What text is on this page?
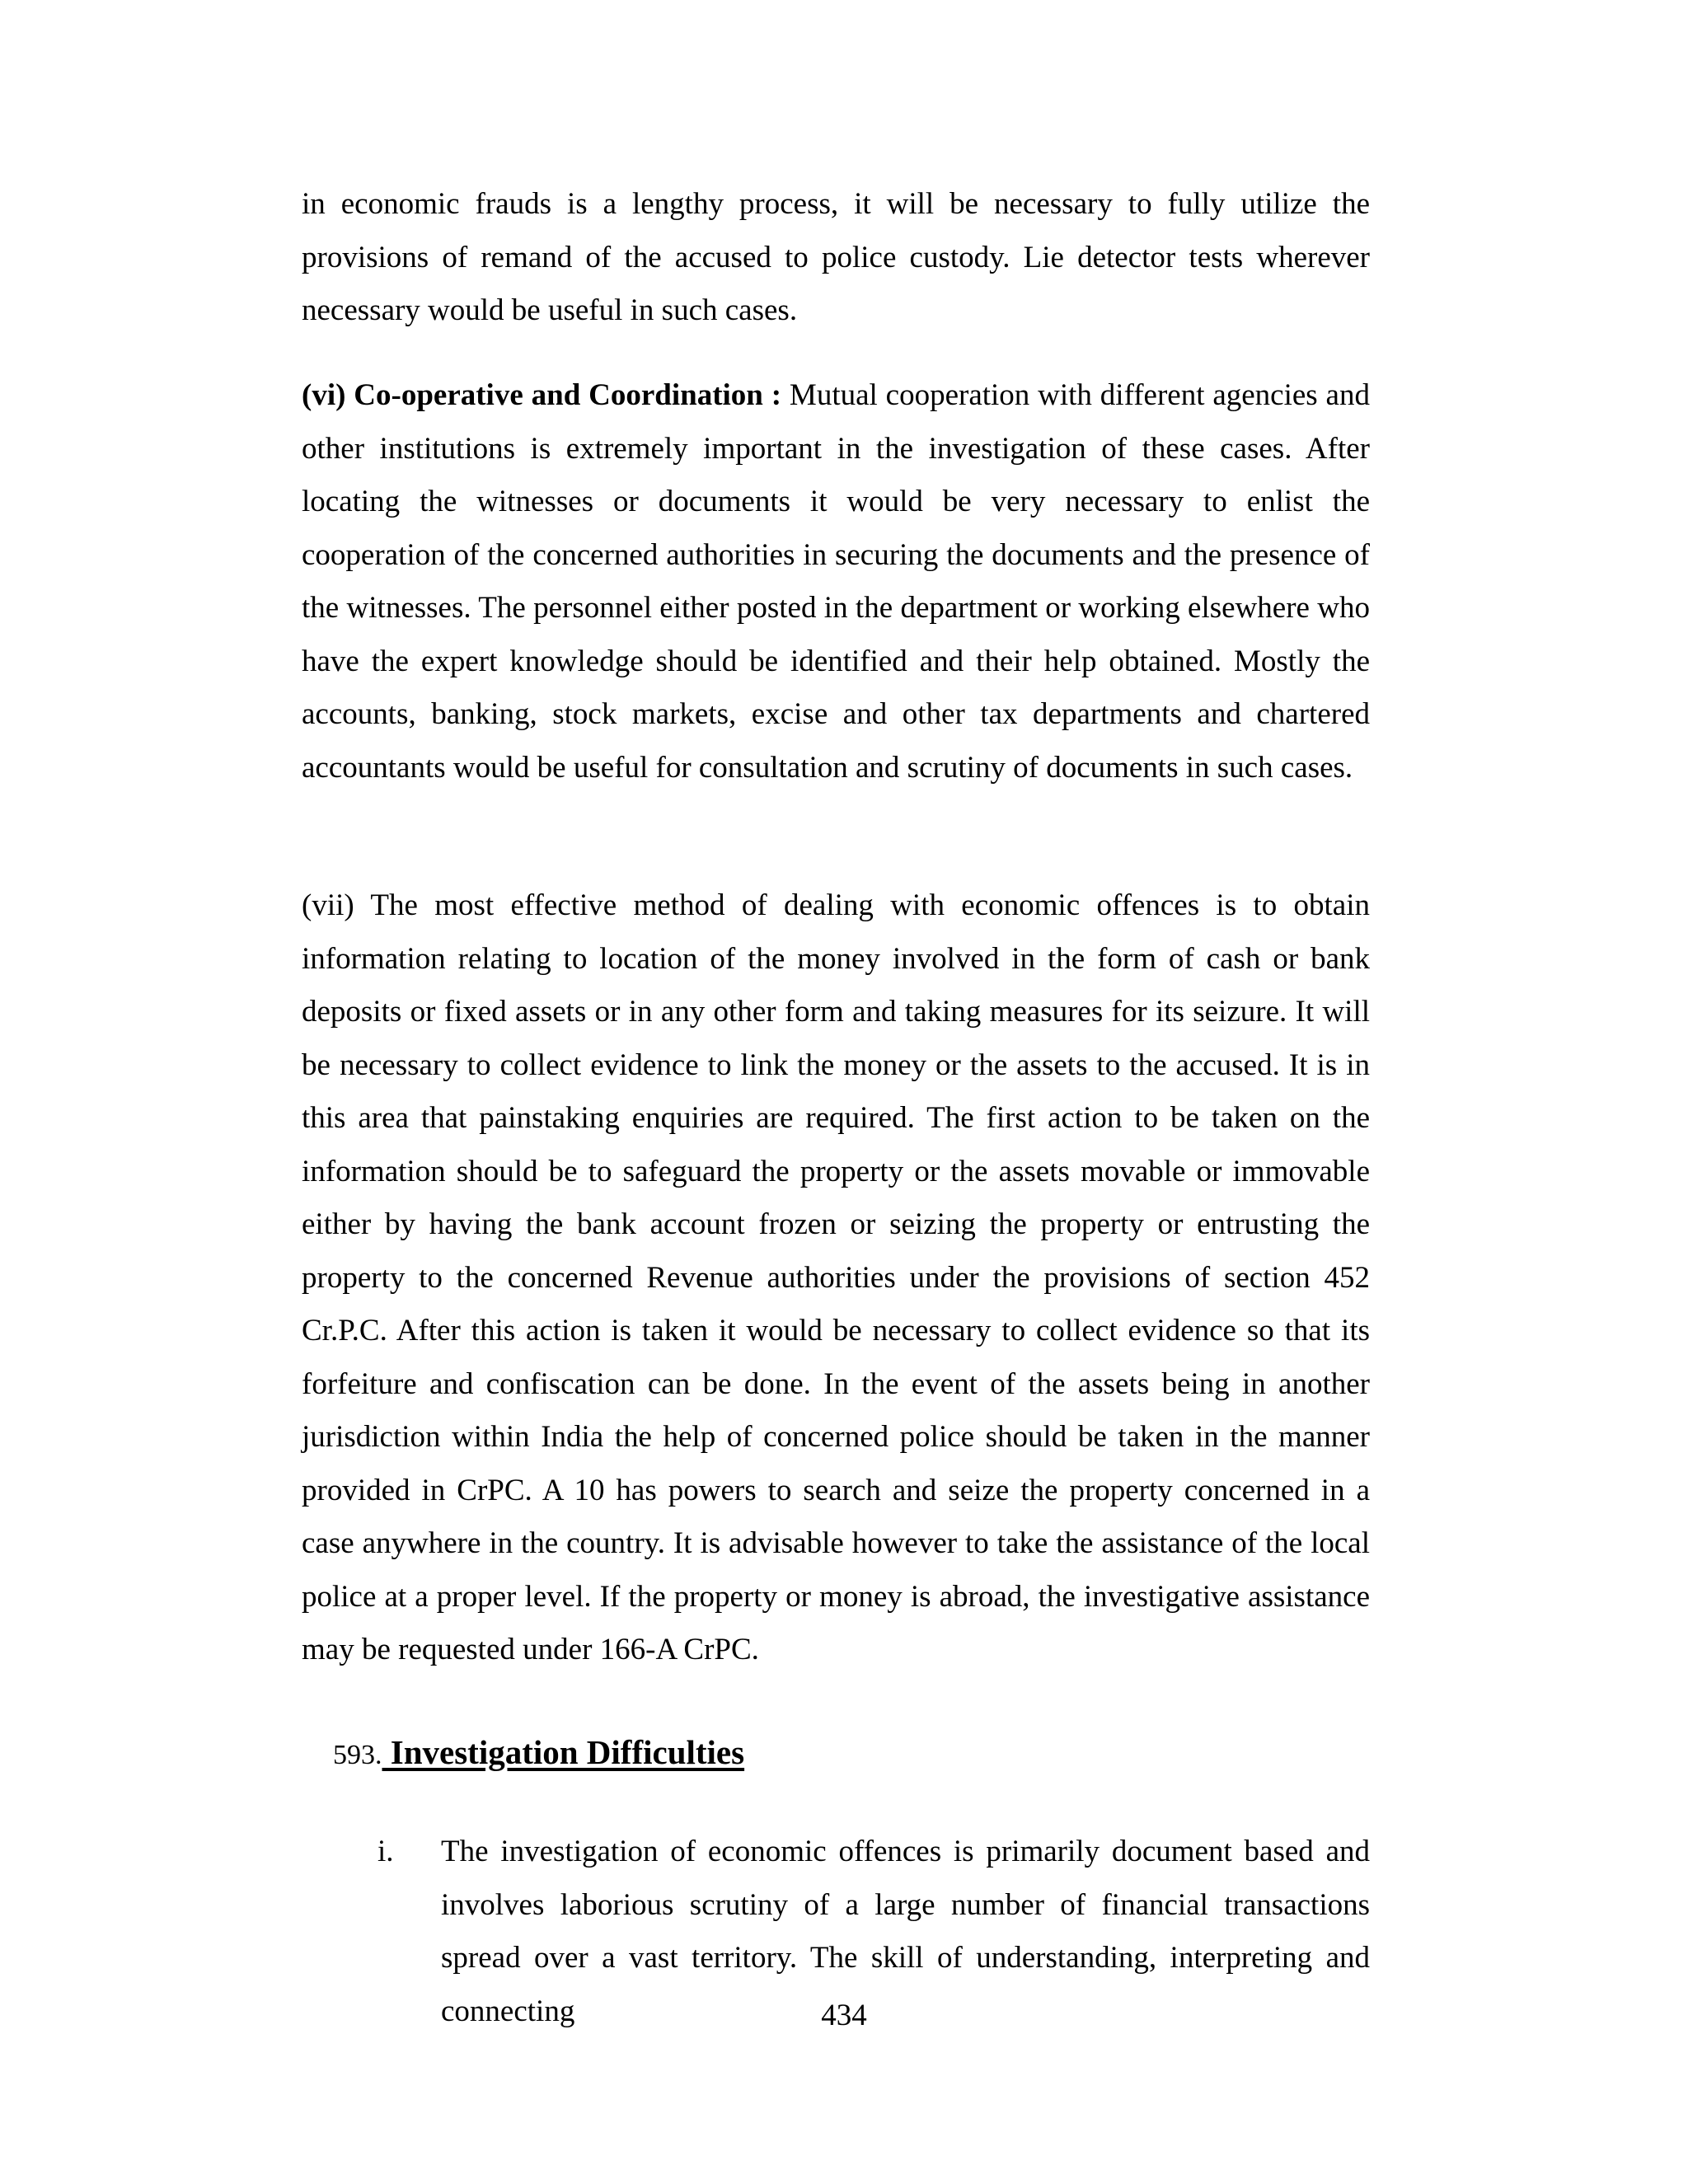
in economic frauds is a lengthy process, it will be necessary to fully utilize the provisions of remand of the accused to police custody. Lie detector tests wherever necessary would be useful in such cases.

(vi) Co-operative and Coordination : Mutual cooperation with different agencies and other institutions is extremely important in the investigation of these cases. After locating the witnesses or documents it would be very necessary to enlist the cooperation of the concerned authorities in securing the documents and the presence of the witnesses. The personnel either posted in the department or working elsewhere who have the expert knowledge should be identified and their help obtained. Mostly the accounts, banking, stock markets, excise and other tax departments and chartered accountants would be useful for consultation and scrutiny of documents in such cases.

(vii) The most effective method of dealing with economic offences is to obtain information relating to location of the money involved in the form of cash or bank deposits or fixed assets or in any other form and taking measures for its seizure. It will be necessary to collect evidence to link the money or the assets to the accused. It is in this area that painstaking enquiries are required. The first action to be taken on the information should be to safeguard the property or the assets movable or immovable either by having the bank account frozen or seizing the property or entrusting the property to the concerned Revenue authorities under the provisions of section 452 Cr.P.C. After this action is taken it would be necessary to collect evidence so that its forfeiture and confiscation can be done. In the event of the assets being in another jurisdiction within India the help of concerned police should be taken in the manner provided in CrPC. A 10 has powers to search and seize the property concerned in a case anywhere in the country. It is advisable however to take the assistance of the local police at a proper level. If the property or money is abroad, the investigative assistance may be requested under 166-A CrPC.

593. Investigation Difficulties

i. The investigation of economic offences is primarily document based and involves laborious scrutiny of a large number of financial transactions spread over a vast territory. The skill of understanding, interpreting and connecting	434
